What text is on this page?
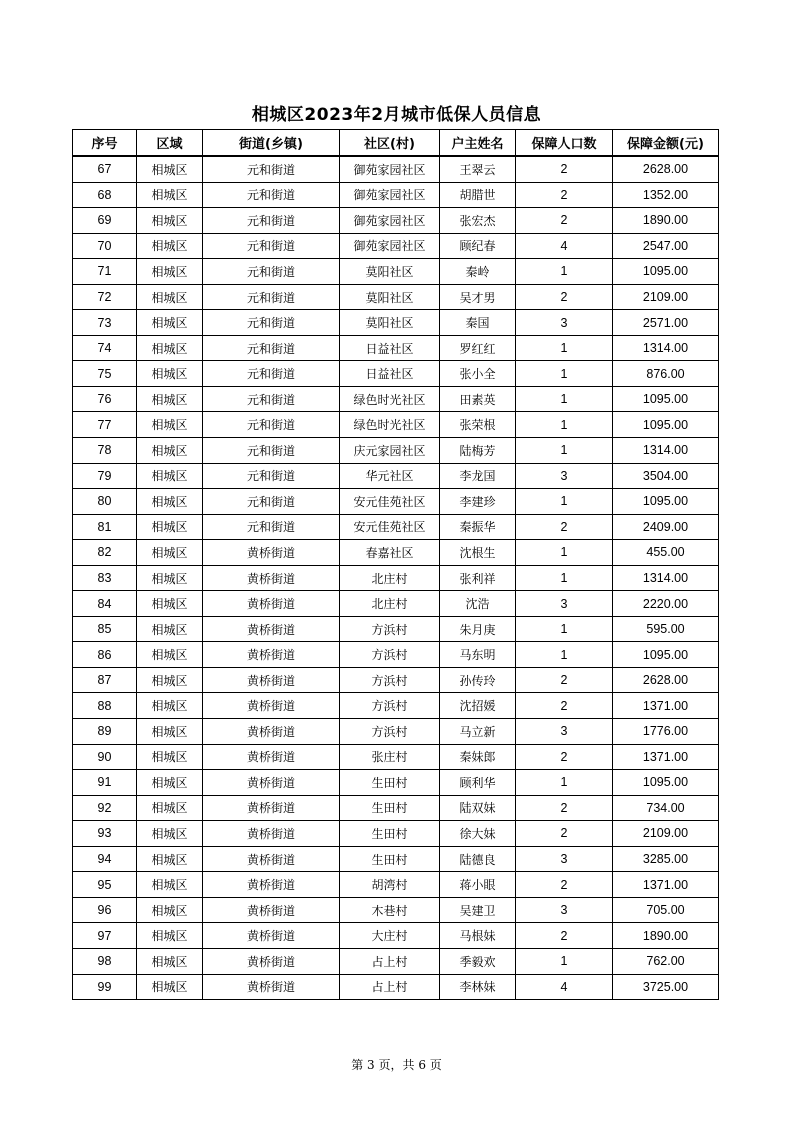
相城区2023年2月城市低保人员信息
序号	区域	街道(乡镇)	社区(村)	户主姓名	保障人口数	保障金额(元)
67	相城区	元和街道	御苑家园社区	王翠云	2	2628.00
68	相城区	元和街道	御苑家园社区	胡腊世	2	1352.00
69	相城区	元和街道	御苑家园社区	张宏杰	2	1890.00
70	相城区	元和街道	御苑家园社区	顾纪春	4	2547.00
71	相城区	元和街道	莫阳社区	秦岭	1	1095.00
72	相城区	元和街道	莫阳社区	吴才男	2	2109.00
73	相城区	元和街道	莫阳社区	秦国	3	2571.00
74	相城区	元和街道	日益社区	罗红红	1	1314.00
75	相城区	元和街道	日益社区	张小全	1	876.00
76	相城区	元和街道	绿色时光社区	田素英	1	1095.00
77	相城区	元和街道	绿色时光社区	张荣根	1	1095.00
78	相城区	元和街道	庆元家园社区	陆梅芳	1	1314.00
79	相城区	元和街道	华元社区	李龙国	3	3504.00
80	相城区	元和街道	安元佳苑社区	李建珍	1	1095.00
81	相城区	元和街道	安元佳苑社区	秦振华	2	2409.00
82	相城区	黄桥街道	春嘉社区	沈根生	1	455.00
83	相城区	黄桥街道	北庄村	张利祥	1	1314.00
84	相城区	黄桥街道	北庄村	沈浩	3	2220.00
85	相城区	黄桥街道	方浜村	朱月庚	1	595.00
86	相城区	黄桥街道	方浜村	马东明	1	1095.00
87	相城区	黄桥街道	方浜村	孙传玲	2	2628.00
88	相城区	黄桥街道	方浜村	沈招媛	2	1371.00
89	相城区	黄桥街道	方浜村	马立新	3	1776.00
90	相城区	黄桥街道	张庄村	秦妹郎	2	1371.00
91	相城区	黄桥街道	生田村	顾利华	1	1095.00
92	相城区	黄桥街道	生田村	陆双妹	2	734.00
93	相城区	黄桥街道	生田村	徐大妹	2	2109.00
94	相城区	黄桥街道	生田村	陆德良	3	3285.00
95	相城区	黄桥街道	胡湾村	蒋小眼	2	1371.00
96	相城区	黄桥街道	木巷村	吴建卫	3	705.00
97	相城区	黄桥街道	大庄村	马根妹	2	1890.00
98	相城区	黄桥街道	占上村	季毅欢	1	762.00
99	相城区	黄桥街道	占上村	李林妹	4	3725.00
第 3 页，共 6 页
